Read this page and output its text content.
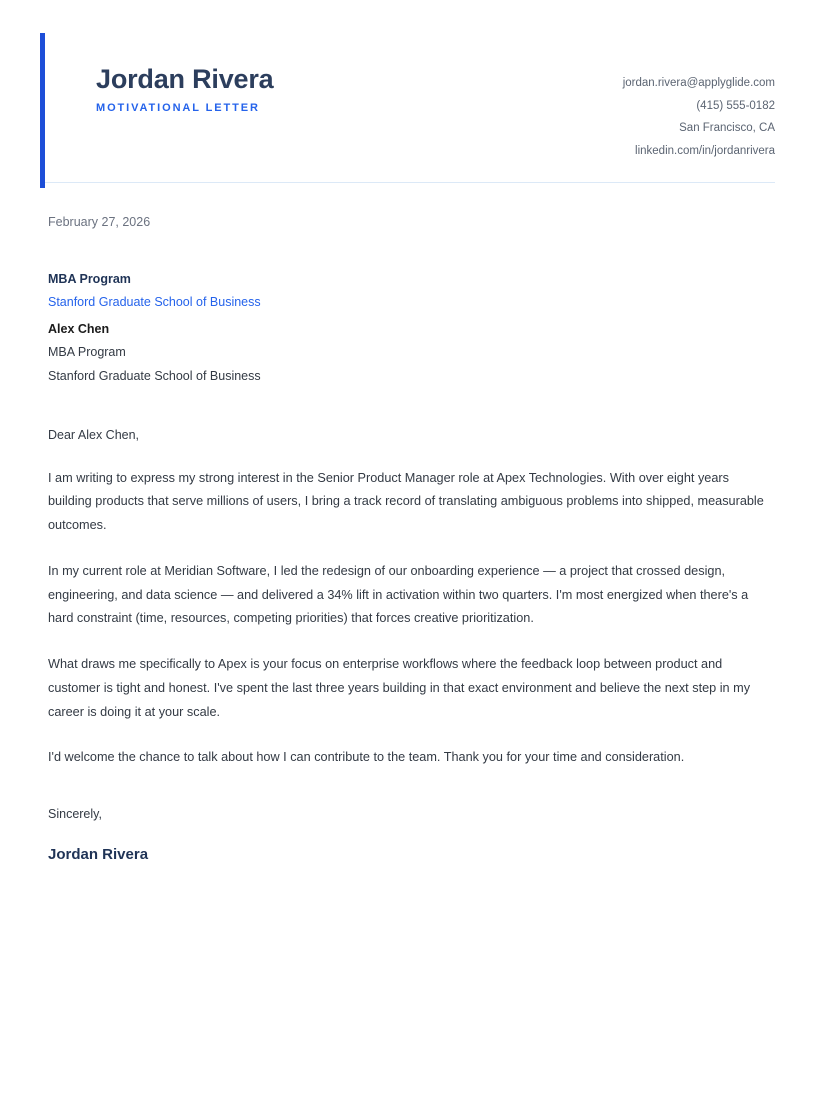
Jordan Rivera
MOTIVATIONAL LETTER
jordan.rivera@applyglide.com
(415) 555-0182
San Francisco, CA
linkedin.com/in/jordanrivera
February 27, 2026
MBA Program
Stanford Graduate School of Business
Alex Chen
MBA Program
Stanford Graduate School of Business
Dear Alex Chen,
I am writing to express my strong interest in the Senior Product Manager role at Apex Technologies. With over eight years building products that serve millions of users, I bring a track record of translating ambiguous problems into shipped, measurable outcomes.
In my current role at Meridian Software, I led the redesign of our onboarding experience — a project that crossed design, engineering, and data science — and delivered a 34% lift in activation within two quarters. I'm most energized when there's a hard constraint (time, resources, competing priorities) that forces creative prioritization.
What draws me specifically to Apex is your focus on enterprise workflows where the feedback loop between product and customer is tight and honest. I've spent the last three years building in that exact environment and believe the next step in my career is doing it at your scale.
I'd welcome the chance to talk about how I can contribute to the team. Thank you for your time and consideration.
Sincerely,
Jordan Rivera
